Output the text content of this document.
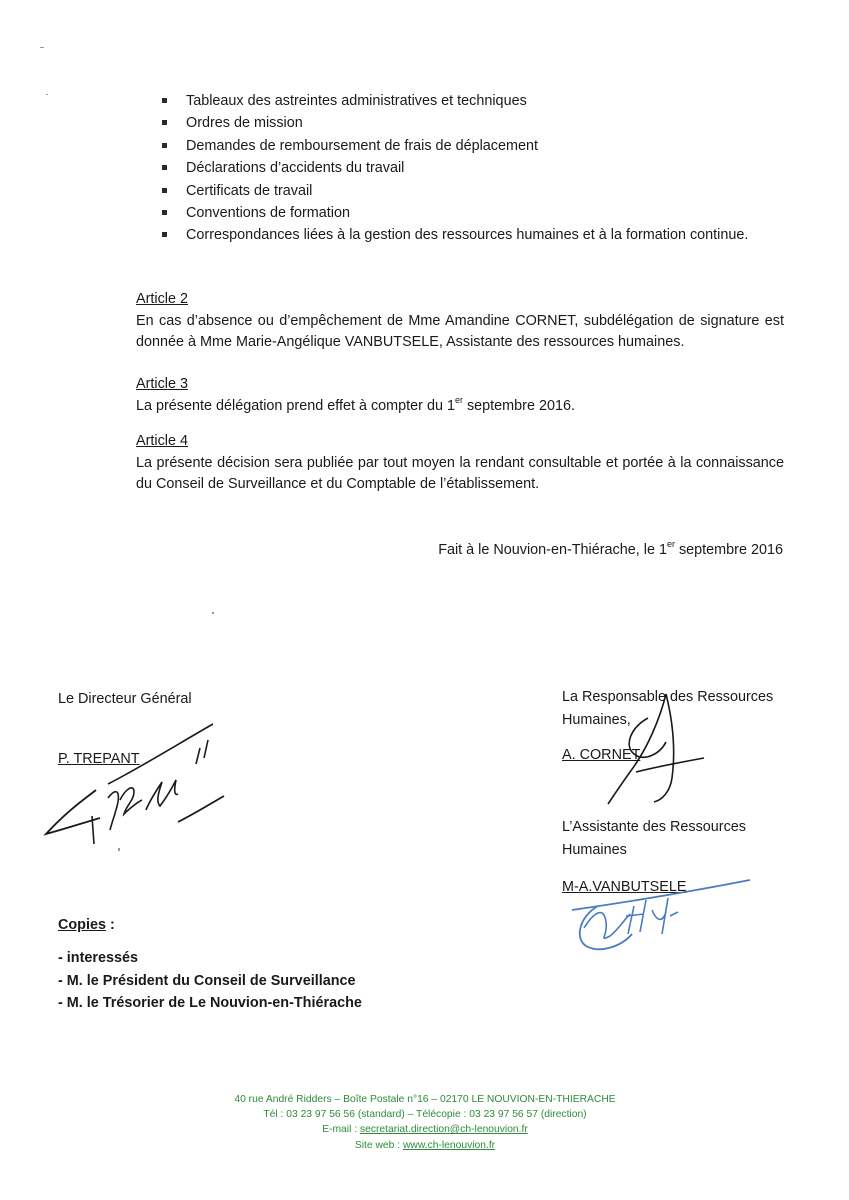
Tableaux des astreintes administratives et techniques
Ordres de mission
Demandes de remboursement de frais de déplacement
Déclarations d’accidents du travail
Certificats de travail
Conventions de formation
Correspondances liées à la gestion des ressources humaines et à la formation continue.
Article 2
En cas d’absence ou d’empêchement de Mme Amandine CORNET, subdélégation de signature est donnée à Mme Marie-Angélique VANBUTSELE, Assistante des ressources humaines.
Article 3
La présente délégation prend effet à compter du 1er septembre 2016.
Article 4
La présente décision sera publiée par tout moyen la rendant consultable et portée à la connaissance du Conseil de Surveillance et du Comptable de l’établissement.
Fait à le Nouvion-en-Thiérache, le 1er septembre 2016
Le Directeur Général
P. TREPANT
La Responsable des Ressources
Humaines,
A. CORNET
L’Assistante des Ressources
Humaines
M-A.VANBUTSELE
Copies :
- interessés
- M. le Président du Conseil de Surveillance
- M. le Trésorier de Le Nouvion-en-Thiérache
40 rue André Ridders – Boîte Postale n°16 – 02170 LE NOUVION-EN-THIERACHE
Tél : 03 23 97 56 56 (standard) – Télécopie : 03 23 97 56 57 (direction)
E-mail : secretariat.direction@ch-lenouvion.fr
Site web : www.ch-lenouvion.fr
